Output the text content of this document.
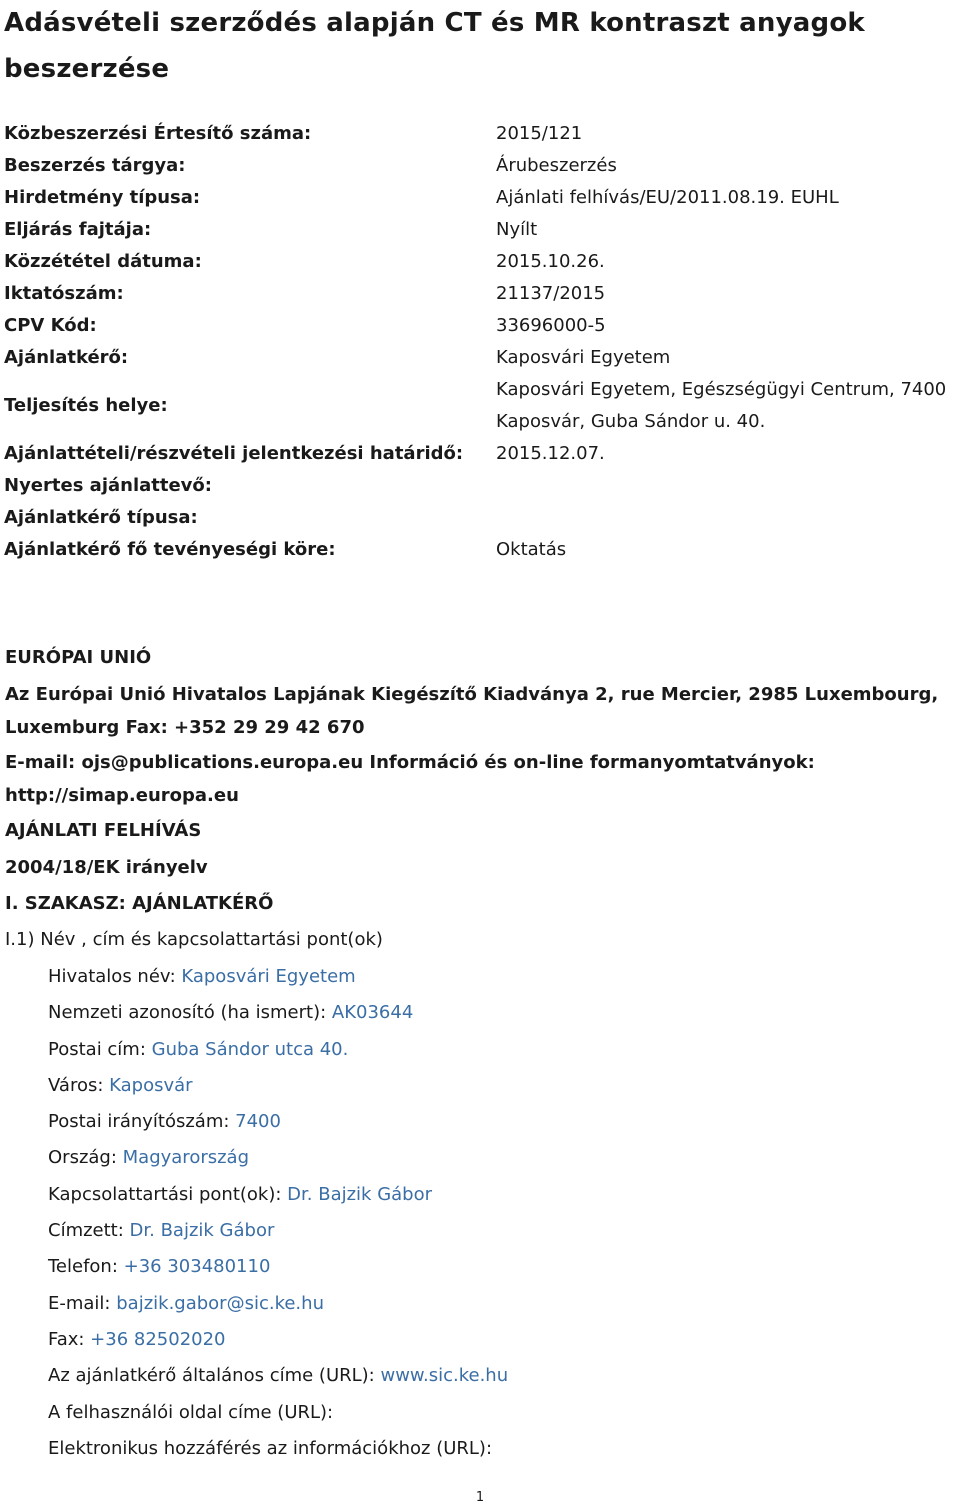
Adásvételi szerződés alapján CT és MR kontraszt anyagok beszerzése
Közbeszerzési Értesítő száma:	2015/121
Beszerzés tárgya:	Árubeszerzés
Hirdetmény típusa:	Ajánlati felhívás/EU/2011.08.19. EUHL
Eljárás fajtája:	Nyílt
Közzététel dátuma:	2015.10.26.
Iktatószám:	21137/2015
CPV Kód:	33696000-5
Ajánlatkérő:	Kaposvári Egyetem
Teljesítés helye:
Kaposvári Egyetem, Egészségügyi Centrum, 7400 Kaposvár, Guba Sándor u. 40.
Ajánlattételi/részvételi jelentkezési határidő:	2015.12.07.
Nyertes ajánlattevő:
Ajánlatkérő típusa:
Ajánlatkérő fő tevényeségi köre:	Oktatás
EURÓPAI UNIÓ
Az Európai Unió Hivatalos Lapjának Kiegészítő Kiadványa 2, rue Mercier, 2985 Luxembourg, Luxemburg Fax: +352 29 29 42 670
E-mail: ojs@publications.europa.eu Információ és on-line formanyomtatványok: http://simap.europa.eu
AJÁNLATI FELHÍVÁS
2004/18/EK irányelv
I. SZAKASZ: AJÁNLATKÉRŐ
I.1) Név , cím és kapcsolattartási pont(ok)
Hivatalos név: Kaposvári Egyetem
Nemzeti azonosító (ha ismert): AK03644
Postai cím: Guba Sándor utca 40.
Város: Kaposvár
Postai irányítószám: 7400
Ország: Magyarország
Kapcsolattartási pont(ok): Dr. Bajzik Gábor
Címzett: Dr. Bajzik Gábor
Telefon: +36 303480110
E-mail: bajzik.gabor@sic.ke.hu
Fax: +36 82502020
Az ajánlatkérő általános címe (URL): www.sic.ke.hu
A felhasználói oldal címe (URL):
Elektronikus hozzáférés az információkhoz (URL):
1
